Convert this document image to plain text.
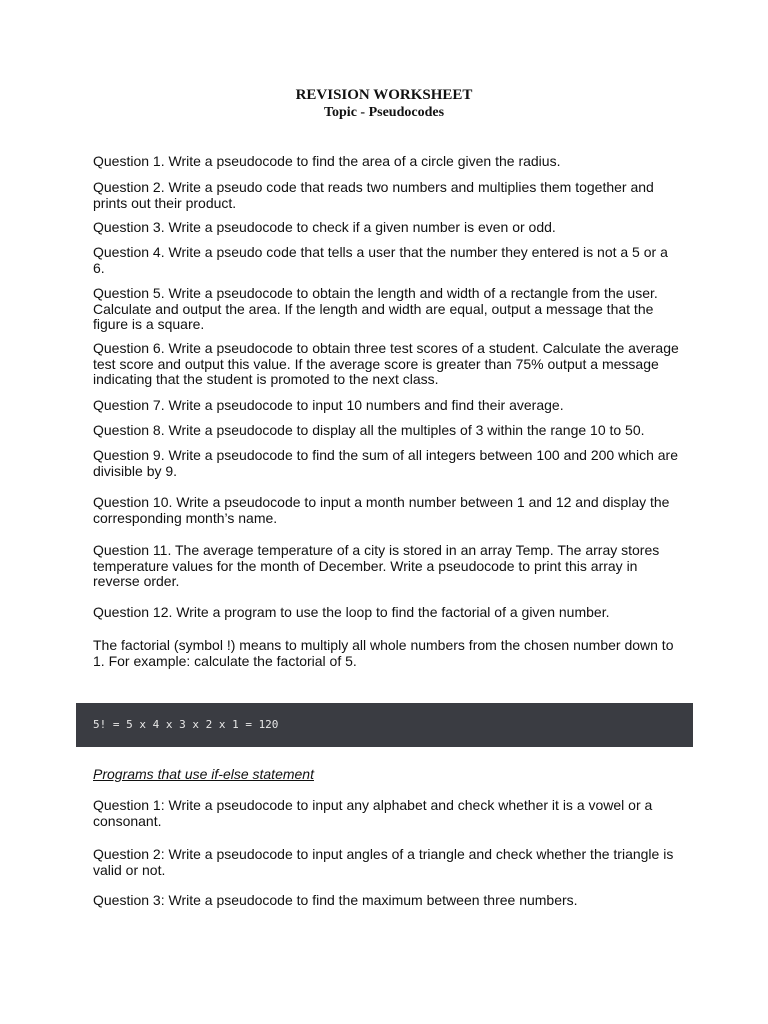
REVISION WORKSHEET
Topic - Pseudocodes

Question 1. Write a pseudocode to find the area of a circle given the radius.

Question 2. Write a pseudo code that reads two numbers and multiplies them together and prints out their product.

Question 3. Write a pseudocode to check if a given number is even or odd.

Question 4. Write a pseudo code that tells a user that the number they entered is not a 5 or a 6.

Question 5. Write a pseudocode to obtain the length and width of a rectangle from the user. Calculate and output the area. If the length and width are equal, output a message that the figure is a square.

Question 6. Write a pseudocode to obtain three test scores of a student. Calculate the average test score and output this value. If the average score is greater than 75% output a message indicating that the student is promoted to the next class.

Question 7. Write a pseudocode to input 10 numbers and find their average.

Question 8. Write a pseudocode to display all the multiples of 3 within the range 10 to 50.

Question 9. Write a pseudocode to find the sum of all integers between 100 and 200 which are divisible by 9.

Question 10. Write a pseudocode to input a month number between 1 and 12 and display the corresponding month’s name.

Question 11. The average temperature of a city is stored in an array Temp. The array stores temperature values for the month of December. Write a pseudocode to print this array in reverse order.

Question 12. Write a program to use the loop to find the factorial of a given number.

The factorial (symbol !) means to multiply all whole numbers from the chosen number down to 1. For example: calculate the factorial of 5.

5! = 5 x 4 x 3 x 2 x 1 = 120

Programs that use if-else statement

Question 1: Write a pseudocode to input any alphabet and check whether it is a vowel or a consonant.

Question 2: Write a pseudocode to input angles of a triangle and check whether the triangle is valid or not.

Question 3: Write a pseudocode to find the maximum between three numbers.
